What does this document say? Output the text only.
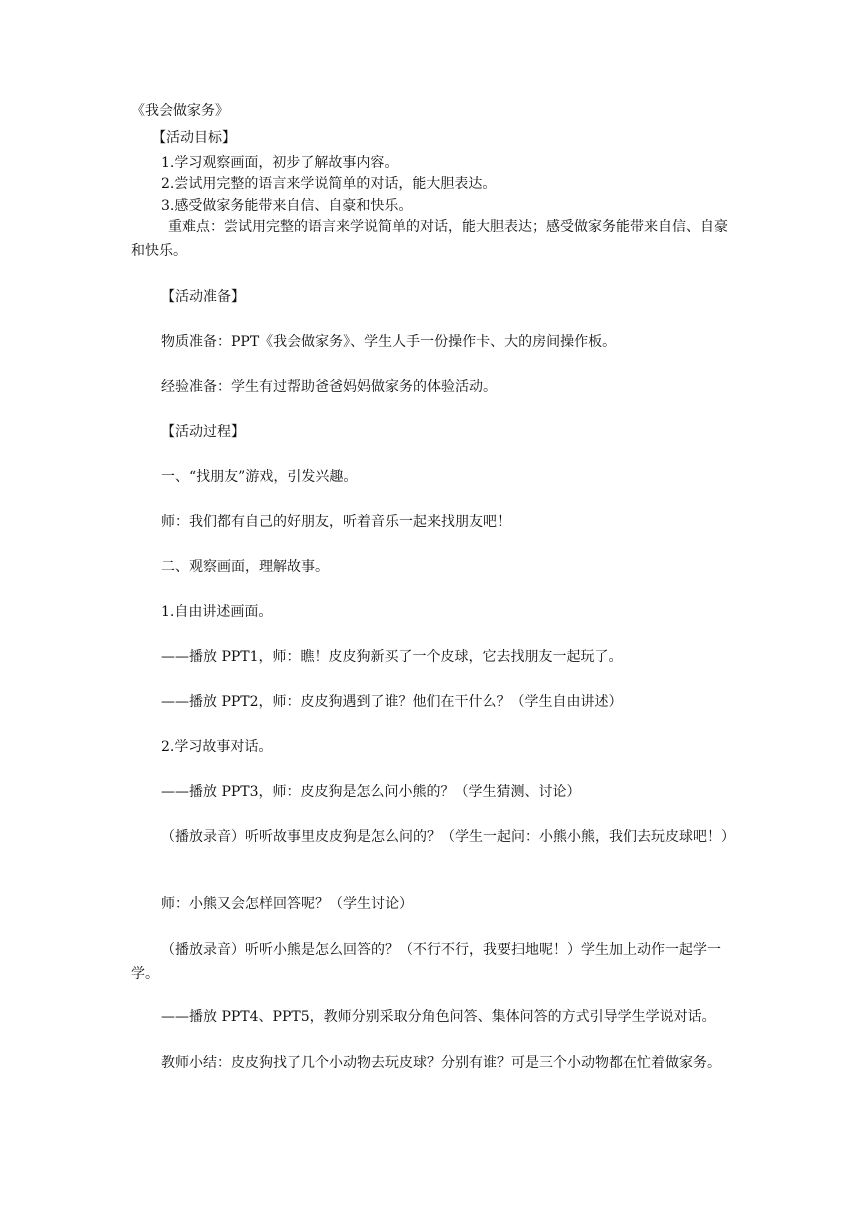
《我会做家务》

【活动目标】

1.学习观察画面，初步了解故事内容。

2.尝试用完整的语言来学说简单的对话，能大胆表达。

3.感受做家务能带来自信、自豪和快乐。

重难点：尝试用完整的语言来学说简单的对话，能大胆表达；感受做家务能带来自信、自豪和快乐。

【活动准备】

物质准备：PPT《我会做家务》、学生人手一份操作卡、大的房间操作板。

经验准备：学生有过帮助爸爸妈妈做家务的体验活动。

【活动过程】

一、“找朋友”游戏，引发兴趣。

师：我们都有自己的好朋友，听着音乐一起来找朋友吧！

二、观察画面，理解故事。

1.自由讲述画面。

——播放 PPT1，师：瞧！皮皮狗新买了一个皮球，它去找朋友一起玩了。

——播放 PPT2，师：皮皮狗遇到了谁？他们在干什么？（学生自由讲述）

2.学习故事对话。

——播放 PPT3，师：皮皮狗是怎么问小熊的？（学生猜测、讨论）

（播放录音）听听故事里皮皮狗是怎么问的？（学生一起问：小熊小熊，我们去玩皮球吧！）

师：小熊又会怎样回答呢？（学生讨论）

（播放录音）听听小熊是怎么回答的？（不行不行，我要扫地呢！）学生加上动作一起学一学。

——播放 PPT4、PPT5，教师分别采取分角色问答、集体问答的方式引导学生学说对话。

教师小结：皮皮狗找了几个小动物去玩皮球？分别有谁？可是三个小动物都在忙着做家务。
